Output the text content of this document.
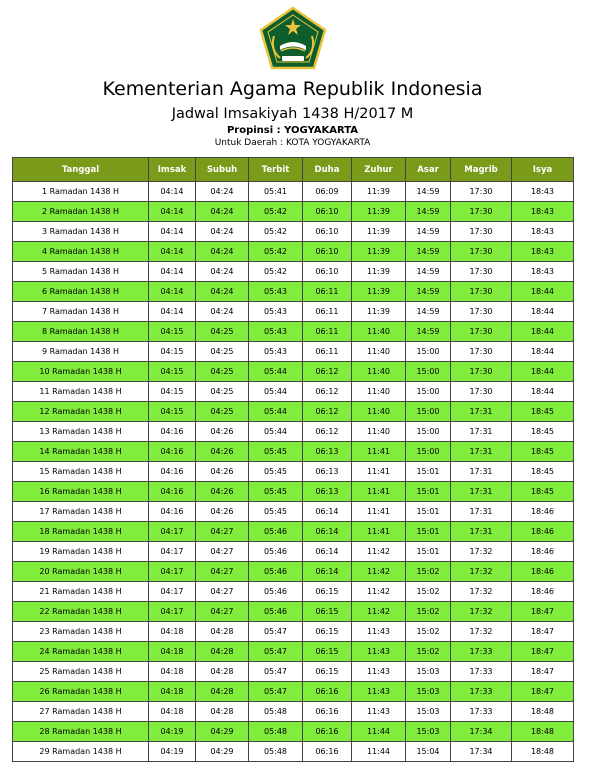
Kementerian Agama Republik Indonesia
Jadwal Imsakiyah 1438 H/2017 M
Propinsi : YOGYAKARTA
Untuk Daerah : KOTA YOGYAKARTA
Tanggal	Imsak	Subuh	Terbit	Duha	Zuhur	Asar	Magrib	Isya
1 Ramadan 1438 H	04:14	04:24	05:41	06:09	11:39	14:59	17:30	18:43
2 Ramadan 1438 H	04:14	04:24	05:42	06:10	11:39	14:59	17:30	18:43
3 Ramadan 1438 H	04:14	04:24	05:42	06:10	11:39	14:59	17:30	18:43
4 Ramadan 1438 H	04:14	04:24	05:42	06:10	11:39	14:59	17:30	18:43
5 Ramadan 1438 H	04:14	04:24	05:42	06:10	11:39	14:59	17:30	18:43
6 Ramadan 1438 H	04:14	04:24	05:43	06:11	11:39	14:59	17:30	18:44
7 Ramadan 1438 H	04:14	04:24	05:43	06:11	11:39	14:59	17:30	18:44
8 Ramadan 1438 H	04:15	04:25	05:43	06:11	11:40	14:59	17:30	18:44
9 Ramadan 1438 H	04:15	04:25	05:43	06:11	11:40	15:00	17:30	18:44
10 Ramadan 1438 H	04:15	04:25	05:44	06:12	11:40	15:00	17:30	18:44
11 Ramadan 1438 H	04:15	04:25	05:44	06:12	11:40	15:00	17:30	18:44
12 Ramadan 1438 H	04:15	04:25	05:44	06:12	11:40	15:00	17:31	18:45
13 Ramadan 1438 H	04:16	04:26	05:44	06:12	11:40	15:00	17:31	18:45
14 Ramadan 1438 H	04:16	04:26	05:45	06:13	11:41	15:00	17:31	18:45
15 Ramadan 1438 H	04:16	04:26	05:45	06:13	11:41	15:01	17:31	18:45
16 Ramadan 1438 H	04:16	04:26	05:45	06:13	11:41	15:01	17:31	18:45
17 Ramadan 1438 H	04:16	04:26	05:45	06:14	11:41	15:01	17:31	18:46
18 Ramadan 1438 H	04:17	04:27	05:46	06:14	11:41	15:01	17:31	18:46
19 Ramadan 1438 H	04:17	04:27	05:46	06:14	11:42	15:01	17:32	18:46
20 Ramadan 1438 H	04:17	04:27	05:46	06:14	11:42	15:02	17:32	18:46
21 Ramadan 1438 H	04:17	04:27	05:46	06:15	11:42	15:02	17:32	18:46
22 Ramadan 1438 H	04:17	04:27	05:46	06:15	11:42	15:02	17:32	18:47
23 Ramadan 1438 H	04:18	04:28	05:47	06:15	11:43	15:02	17:32	18:47
24 Ramadan 1438 H	04:18	04:28	05:47	06:15	11:43	15:02	17:33	18:47
25 Ramadan 1438 H	04:18	04:28	05:47	06:15	11:43	15:03	17:33	18:47
26 Ramadan 1438 H	04:18	04:28	05:47	06:16	11:43	15:03	17:33	18:47
27 Ramadan 1438 H	04:18	04:28	05:48	06:16	11:43	15:03	17:33	18:48
28 Ramadan 1438 H	04:19	04:29	05:48	06:16	11:44	15:03	17:34	18:48
29 Ramadan 1438 H	04:19	04:29	05:48	06:16	11:44	15:04	17:34	18:48
